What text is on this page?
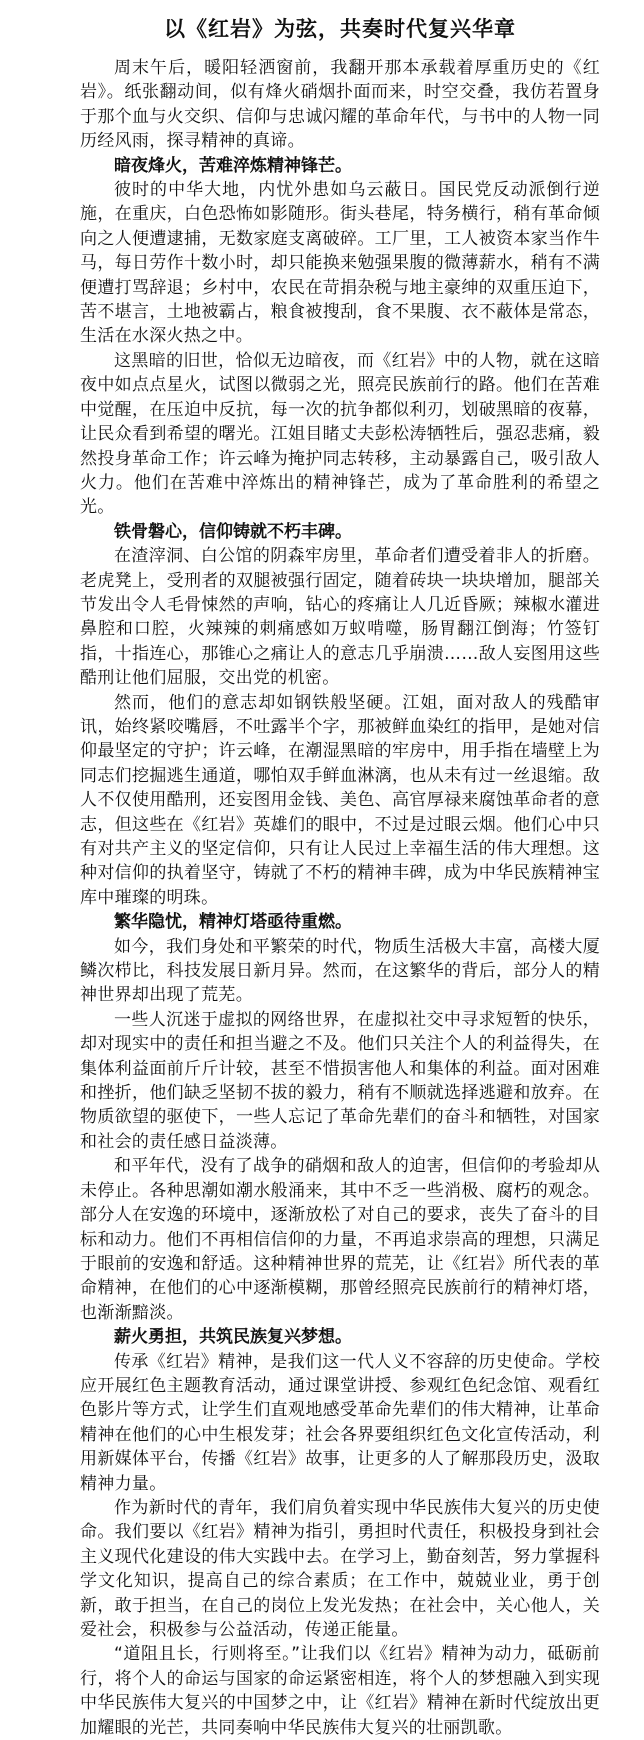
以《红岩》为弦，共奏时代复兴华章

周末午后，暖阳轻洒窗前，我翻开那本承载着厚重历史的《红岩》。纸张翻动间，似有烽火硝烟扑面而来，时空交叠，我仿若置身于那个血与火交织、信仰与忠诚闪耀的革命年代，与书中的人物一同历经风雨，探寻精神的真谛。

暗夜烽火，苦难淬炼精神锋芒。

彼时的中华大地，内忧外患如乌云蔽日。国民党反动派倒行逆施，在重庆，白色恐怖如影随形。街头巷尾，特务横行，稍有革命倾向之人便遭逮捕，无数家庭支离破碎。工厂里，工人被资本家当作牛马，每日劳作十数小时，却只能换来勉强果腹的微薄薪水，稍有不满便遭打骂辞退；乡村中，农民在苛捐杂税与地主豪绅的双重压迫下，苦不堪言，土地被霸占，粮食被搜刮，食不果腹、衣不蔽体是常态，生活在水深火热之中。

这黑暗的旧世，恰似无边暗夜，而《红岩》中的人物，就在这暗夜中如点点星火，试图以微弱之光，照亮民族前行的路。他们在苦难中觉醒，在压迫中反抗，每一次的抗争都似利刃，划破黑暗的夜幕，让民众看到希望的曙光。江姐目睹丈夫彭松涛牺牲后，强忍悲痛，毅然投身革命工作；许云峰为掩护同志转移，主动暴露自己，吸引敌人火力。他们在苦难中淬炼出的精神锋芒，成为了革命胜利的希望之光。

铁骨磐心，信仰铸就不朽丰碑。

在渣滓洞、白公馆的阴森牢房里，革命者们遭受着非人的折磨。老虎凳上，受刑者的双腿被强行固定，随着砖块一块块增加，腿部关节发出令人毛骨悚然的声响，钻心的疼痛让人几近昏厥；辣椒水灌进鼻腔和口腔，火辣辣的刺痛感如万蚁啃噬，肠胃翻江倒海；竹签钉指，十指连心，那锥心之痛让人的意志几乎崩溃……敌人妄图用这些酷刑让他们屈服，交出党的机密。

然而，他们的意志却如钢铁般坚硬。江姐，面对敌人的残酷审讯，始终紧咬嘴唇，不吐露半个字，那被鲜血染红的指甲，是她对信仰最坚定的守护；许云峰，在潮湿黑暗的牢房中，用手指在墙壁上为同志们挖掘逃生通道，哪怕双手鲜血淋漓，也从未有过一丝退缩。敌人不仅使用酷刑，还妄图用金钱、美色、高官厚禄来腐蚀革命者的意志，但这些在《红岩》英雄们的眼中，不过是过眼云烟。他们心中只有对共产主义的坚定信仰，只有让人民过上幸福生活的伟大理想。这种对信仰的执着坚守，铸就了不朽的精神丰碑，成为中华民族精神宝库中璀璨的明珠。

繁华隐忧，精神灯塔亟待重燃。

如今，我们身处和平繁荣的时代，物质生活极大丰富，高楼大厦鳞次栉比，科技发展日新月异。然而，在这繁华的背后，部分人的精神世界却出现了荒芜。

一些人沉迷于虚拟的网络世界，在虚拟社交中寻求短暂的快乐，却对现实中的责任和担当避之不及。他们只关注个人的利益得失，在集体利益面前斤斤计较，甚至不惜损害他人和集体的利益。面对困难和挫折，他们缺乏坚韧不拔的毅力，稍有不顺就选择逃避和放弃。在物质欲望的驱使下，一些人忘记了革命先辈们的奋斗和牺牲，对国家和社会的责任感日益淡薄。

和平年代，没有了战争的硝烟和敌人的迫害，但信仰的考验却从未停止。各种思潮如潮水般涌来，其中不乏一些消极、腐朽的观念。部分人在安逸的环境中，逐渐放松了对自己的要求，丧失了奋斗的目标和动力。他们不再相信信仰的力量，不再追求崇高的理想，只满足于眼前的安逸和舒适。这种精神世界的荒芜，让《红岩》所代表的革命精神，在他们的心中逐渐模糊，那曾经照亮民族前行的精神灯塔，也渐渐黯淡。

薪火勇担，共筑民族复兴梦想。

传承《红岩》精神，是我们这一代人义不容辞的历史使命。学校应开展红色主题教育活动，通过课堂讲授、参观红色纪念馆、观看红色影片等方式，让学生们直观地感受革命先辈们的伟大精神，让革命精神在他们的心中生根发芽；社会各界要组织红色文化宣传活动，利用新媒体平台，传播《红岩》故事，让更多的人了解那段历史，汲取精神力量。

作为新时代的青年，我们肩负着实现中华民族伟大复兴的历史使命。我们要以《红岩》精神为指引，勇担时代责任，积极投身到社会主义现代化建设的伟大实践中去。在学习上，勤奋刻苦，努力掌握科学文化知识，提高自己的综合素质；在工作中，兢兢业业，勇于创新，敢于担当，在自己的岗位上发光发热；在社会中，关心他人，关爱社会，积极参与公益活动，传递正能量。

“道阻且长，行则将至。”让我们以《红岩》精神为动力，砥砺前行，将个人的命运与国家的命运紧密相连，将个人的梦想融入到实现中华民族伟大复兴的中国梦之中，让《红岩》精神在新时代绽放出更加耀眼的光芒，共同奏响中华民族伟大复兴的壮丽凯歌。
